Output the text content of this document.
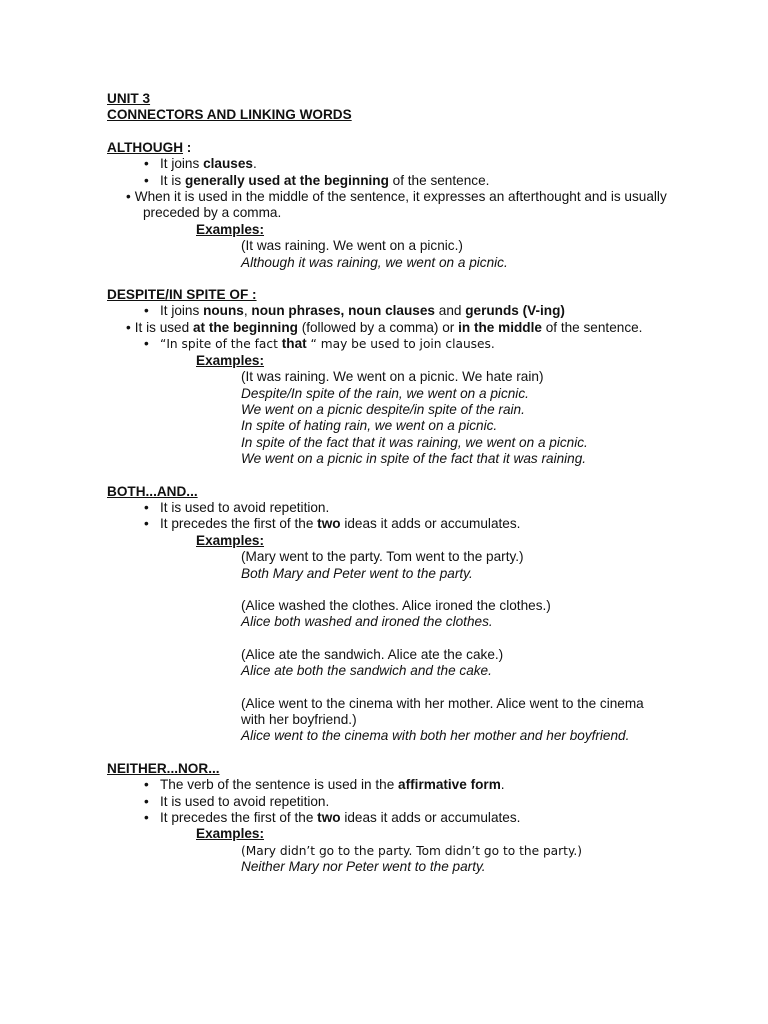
UNIT 3
CONNECTORS AND LINKING WORDS
ALTHOUGH :
• It joins clauses.
• It is generally used at the beginning of the sentence.
• When it is used in the middle of the sentence, it expresses an afterthought and is usually preceded by a comma.
Examples:
(It was raining. We went on a picnic.)
Although it was raining, we went on a picnic.
DESPITE/IN SPITE OF :
• It joins nouns, noun phrases, noun clauses and gerunds (V-ing)
• It is used at the beginning (followed by a comma) or in the middle of the sentence.
• “In spite of the fact that “ may be used to join clauses.
Examples:
(It was raining. We went on a picnic. We hate rain)
Despite/In spite of the rain, we went on a picnic.
We went on a picnic despite/in spite of the rain.
In spite of hating rain, we went on a picnic.
In spite of the fact that it was raining, we went on a picnic.
We went on a picnic in spite of the fact that it was raining.
BOTH...AND...
• It is used to avoid repetition.
• It precedes the first of the two ideas it adds or accumulates.
Examples:
(Mary went to the party. Tom went to the party.)
Both Mary and Peter went to the party.
(Alice washed the clothes. Alice ironed the clothes.)
Alice both washed and ironed the clothes.
(Alice ate the sandwich. Alice ate the cake.)
Alice ate both the sandwich and the cake.
(Alice went to the cinema with her mother. Alice went to the cinema
with her boyfriend.)
Alice went to the cinema with both her mother and her boyfriend.
NEITHER...NOR...
• The verb of the sentence is used in the affirmative form.
• It is used to avoid repetition.
• It precedes the first of the two ideas it adds or accumulates.
Examples:
(Mary didn’t go to the party. Tom didn’t go to the party.)
Neither Mary nor Peter went to the party.
